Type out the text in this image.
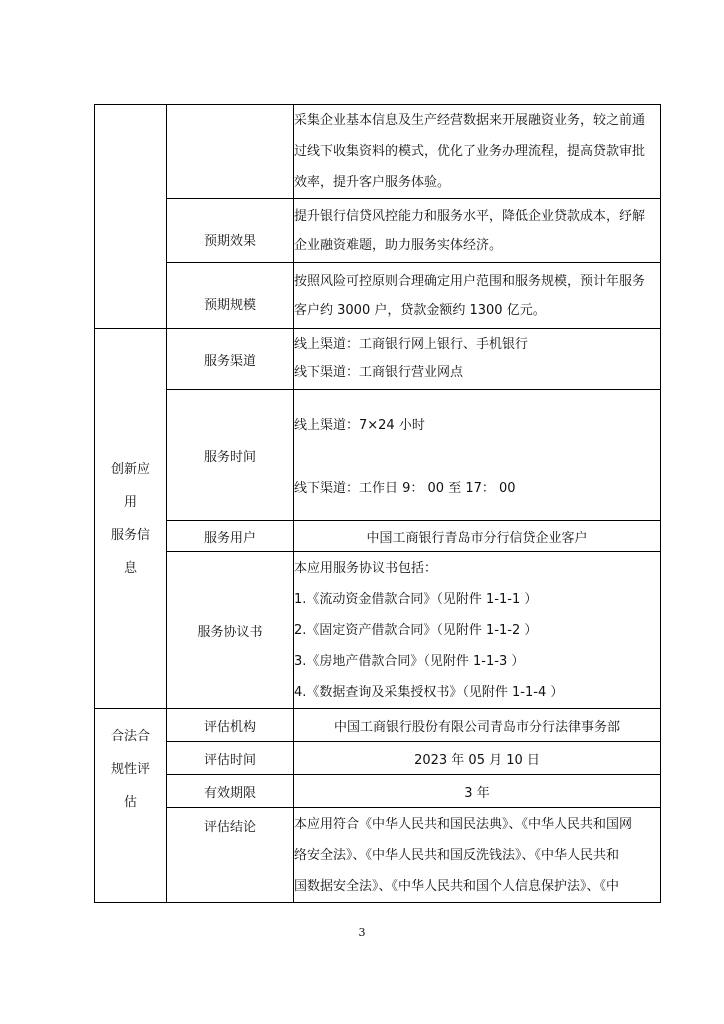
		采集企业基本信息及生产经营数据来开展融资业务，较之前通
过线下收集资料的模式，优化了业务办理流程，提高贷款审批
效率，提升客户服务体验。

	预期效果	提升银行信贷风控能力和服务水平，降低企业贷款成本，纾解
企业融资难题，助力服务实体经济。

	预期规模	按照风险可控原则合理确定用户范围和服务规模，预计年服务
客户约 3000 户，贷款金额约 1300 亿元。

创新应
用
服务信
息	服务渠道	线上渠道：工商银行网上银行、手机银行
线下渠道：工商银行营业网点

	服务时间	线上渠道：7×24 小时
线下渠道：工作日 9： 00 至 17： 00

	服务用户	中国工商银行青岛市分行信贷企业客户
	服务协议书	本应用服务协议书包括：
1.《流动资金借款合同》（见附件 1-1-1 ）
2.《固定资产借款合同》（见附件 1-1-2 ）
3.《房地产借款合同》（见附件 1-1-3 ）
4.《数据查询及采集授权书》（见附件 1-1-4 ）

合法合
规性评
估	评估机构	中国工商银行股份有限公司青岛市分行法律事务部
	评估时间	2023 年 05 月 10 日
	有效期限	3 年
	评估结论	本应用符合《中华人民共和国民法典》、《中华人民共和国网
络安全法》、《中华人民共和国反洗钱法》、《中华人民共和
国数据安全法》、《中华人民共和国个人信息保护法》、《中
3
